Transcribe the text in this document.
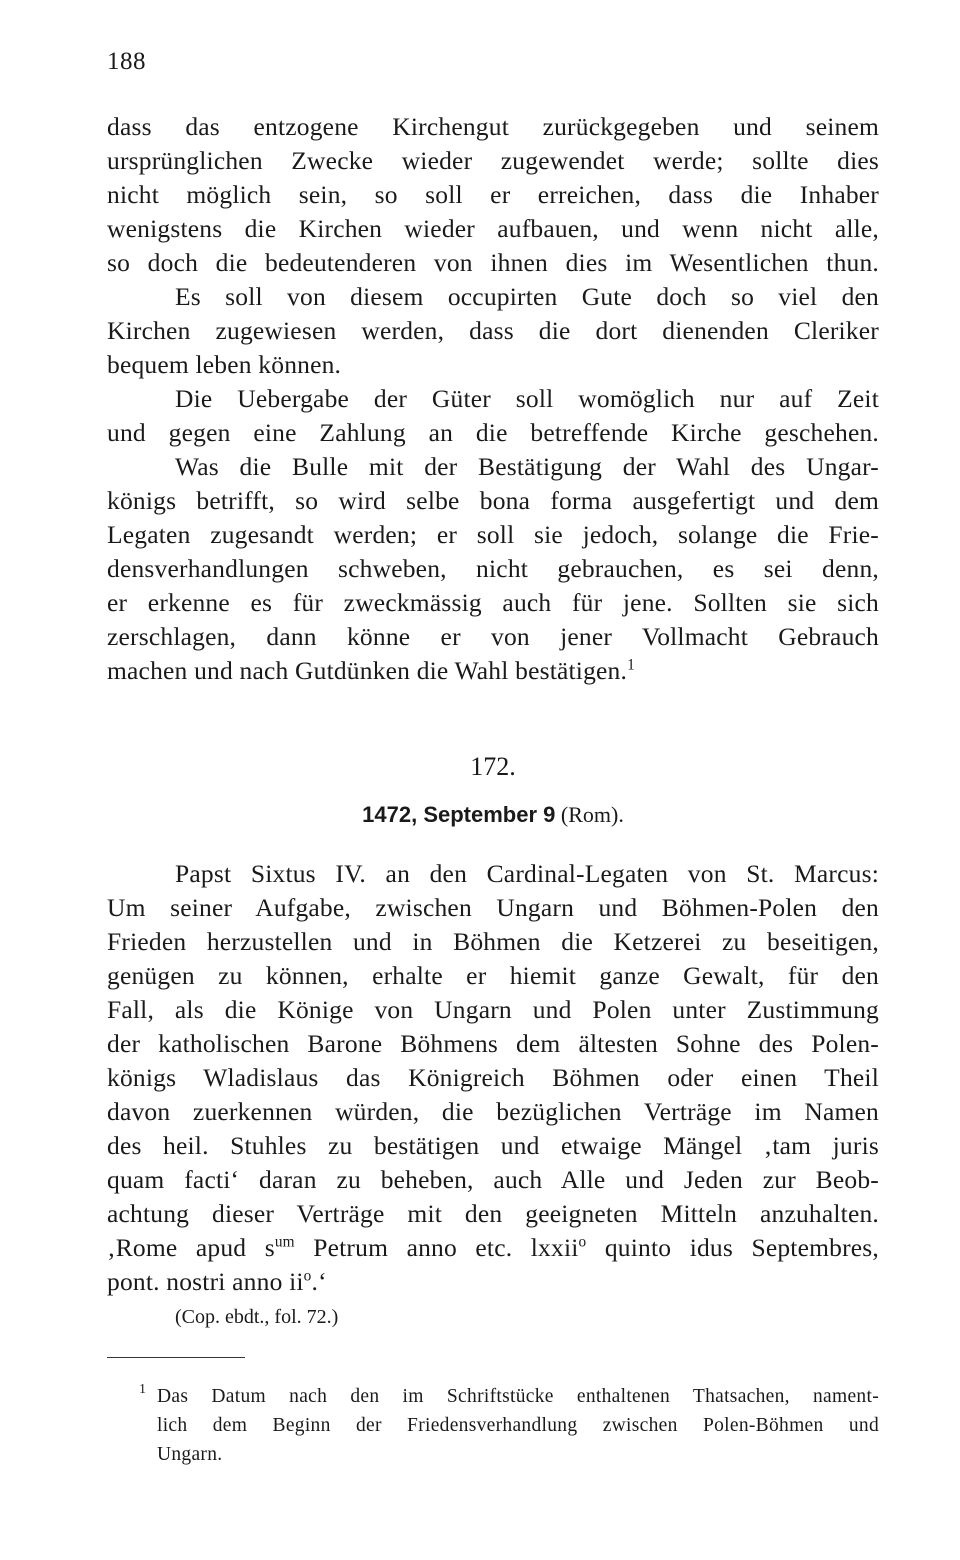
188
dass das entzogene Kirchengut zurückgegeben und seinem
ursprünglichen Zwecke wieder zugewendet werde; sollte dies
nicht möglich sein, so soll er erreichen, dass die Inhaber
wenigstens die Kirchen wieder aufbauen, und wenn nicht alle,
so doch die bedeutenderen von ihnen dies im Wesentlichen thun.
Es soll von diesem occupirten Gute doch so viel den
Kirchen zugewiesen werden, dass die dort dienenden Cleriker
bequem leben können.
Die Uebergabe der Güter soll womöglich nur auf Zeit
und gegen eine Zahlung an die betreffende Kirche geschehen.
Was die Bulle mit der Bestätigung der Wahl des Ungar-
königs betrifft, so wird selbe bona forma ausgefertigt und dem
Legaten zugesandt werden; er soll sie jedoch, solange die Frie-
densverhandlungen schweben, nicht gebrauchen, es sei denn,
er erkenne es für zweckmässig auch für jene. Sollten sie sich
zerschlagen, dann könne er von jener Vollmacht Gebrauch
machen und nach Gutdünken die Wahl bestätigen.$^1$
172.
1472, September 9 (Rom).
Papst Sixtus IV. an den Cardinal-Legaten von St. Marcus:
Um seiner Aufgabe, zwischen Ungarn und Böhmen-Polen den
Frieden herzustellen und in Böhmen die Ketzerei zu beseitigen,
genügen zu können, erhalte er hiemit ganze Gewalt, für den
Fall, als die Könige von Ungarn und Polen unter Zustimmung
der katholischen Barone Böhmens dem ältesten Sohne des Polen-
königs Wladislaus das Königreich Böhmen oder einen Theil
davon zuerkennen würden, die bezüglichen Verträge im Namen
des heil. Stuhles zu bestätigen und etwaige Mängel ‚tam juris
quam facti‘ daran zu beheben, auch Alle und Jeden zur Beob-
achtung dieser Verträge mit den geeigneten Mitteln anzuhalten.
‚Rome apud $s^{um}$ Petrum anno etc. lxxii$^o$ quinto idus Septembres,
pont. nostri anno $ii^o.‘$
(Cop. ebdt., fol. 72.)
1 Das Datum nach den im Schriftstücke enthaltenen Thatsachen, nament-
lich dem Beginn der Friedensverhandlung zwischen Polen-Böhmen und
Ungarn.
